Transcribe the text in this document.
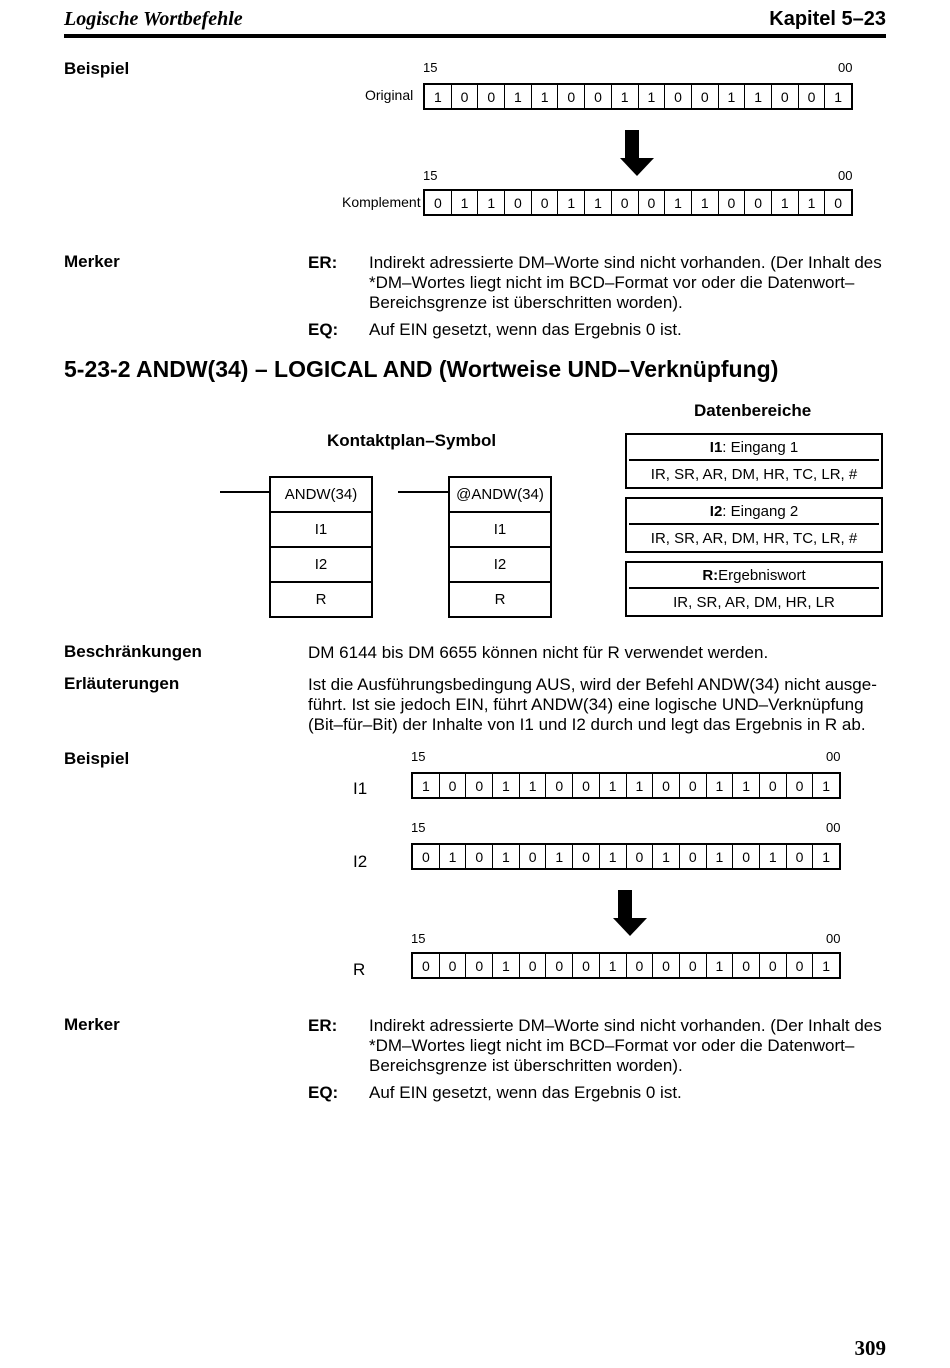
Logische Wortbefehle	Kapitel 5–23
Beispiel	15	00
Original	1	0	0	1	1	0	0	1	1	0	0	1	1	0	0	1
15	00
Komplement 0	1	1	0	0	1	1	0	0	1	1	0	0	1	1	0
Merker	ER: Indirekt adressierte DM–Worte sind nicht vorhanden. (Der Inhalt des
*DM–Wortes liegt nicht im BCD–Format vor oder die Datenwort–
Bereichsgrenze ist überschritten worden).
EQ: Auf EIN gesetzt, wenn das Ergebnis 0 ist.
5-23-2 ANDW(34) – LOGICAL AND (Wortweise UND–Verknüpfung)
Kontaktplan–Symbol
ANDW(34)
I1
I2
R
@ANDW(34)
I1
I2
R
Datenbereiche
I1 : Eingang 1
IR, SR, AR, DM, HR, TC, LR, #
I2 : Eingang 2
IR, SR, AR, DM, HR, TC, LR, #
R: Ergebniswort
IR, SR, AR, DM, HR, LR
Beschränkungen	DM 6144 bis DM 6655 können nicht für R verwendet werden.
Erläuterungen	Ist die Ausführungsbedingung AUS, wird der Befehl ANDW(34) nicht ausge-
führt. Ist sie jedoch EIN, führt ANDW(34) eine logische UND–Verknüpfung
(Bit–für–Bit) der Inhalte von I1 und I2 durch und legt das Ergebnis in R ab.
Beispiel	15	00
I1	1	0	0	1	1	0	0	1	1	0	0	1	1	0	0	1
15	00
I2	0	1	0	1	0	1	0	1	0	1	0	1	0	1	0	1
15	00
R	0	0	0	1	0	0	0	1	0	0	0	1	0	0	0	1
Merker	ER: Indirekt adressierte DM–Worte sind nicht vorhanden. (Der Inhalt des
*DM–Wortes liegt nicht im BCD–Format vor oder die Datenwort–
Bereichsgrenze ist überschritten worden).
EQ: Auf EIN gesetzt, wenn das Ergebnis 0 ist.
309
